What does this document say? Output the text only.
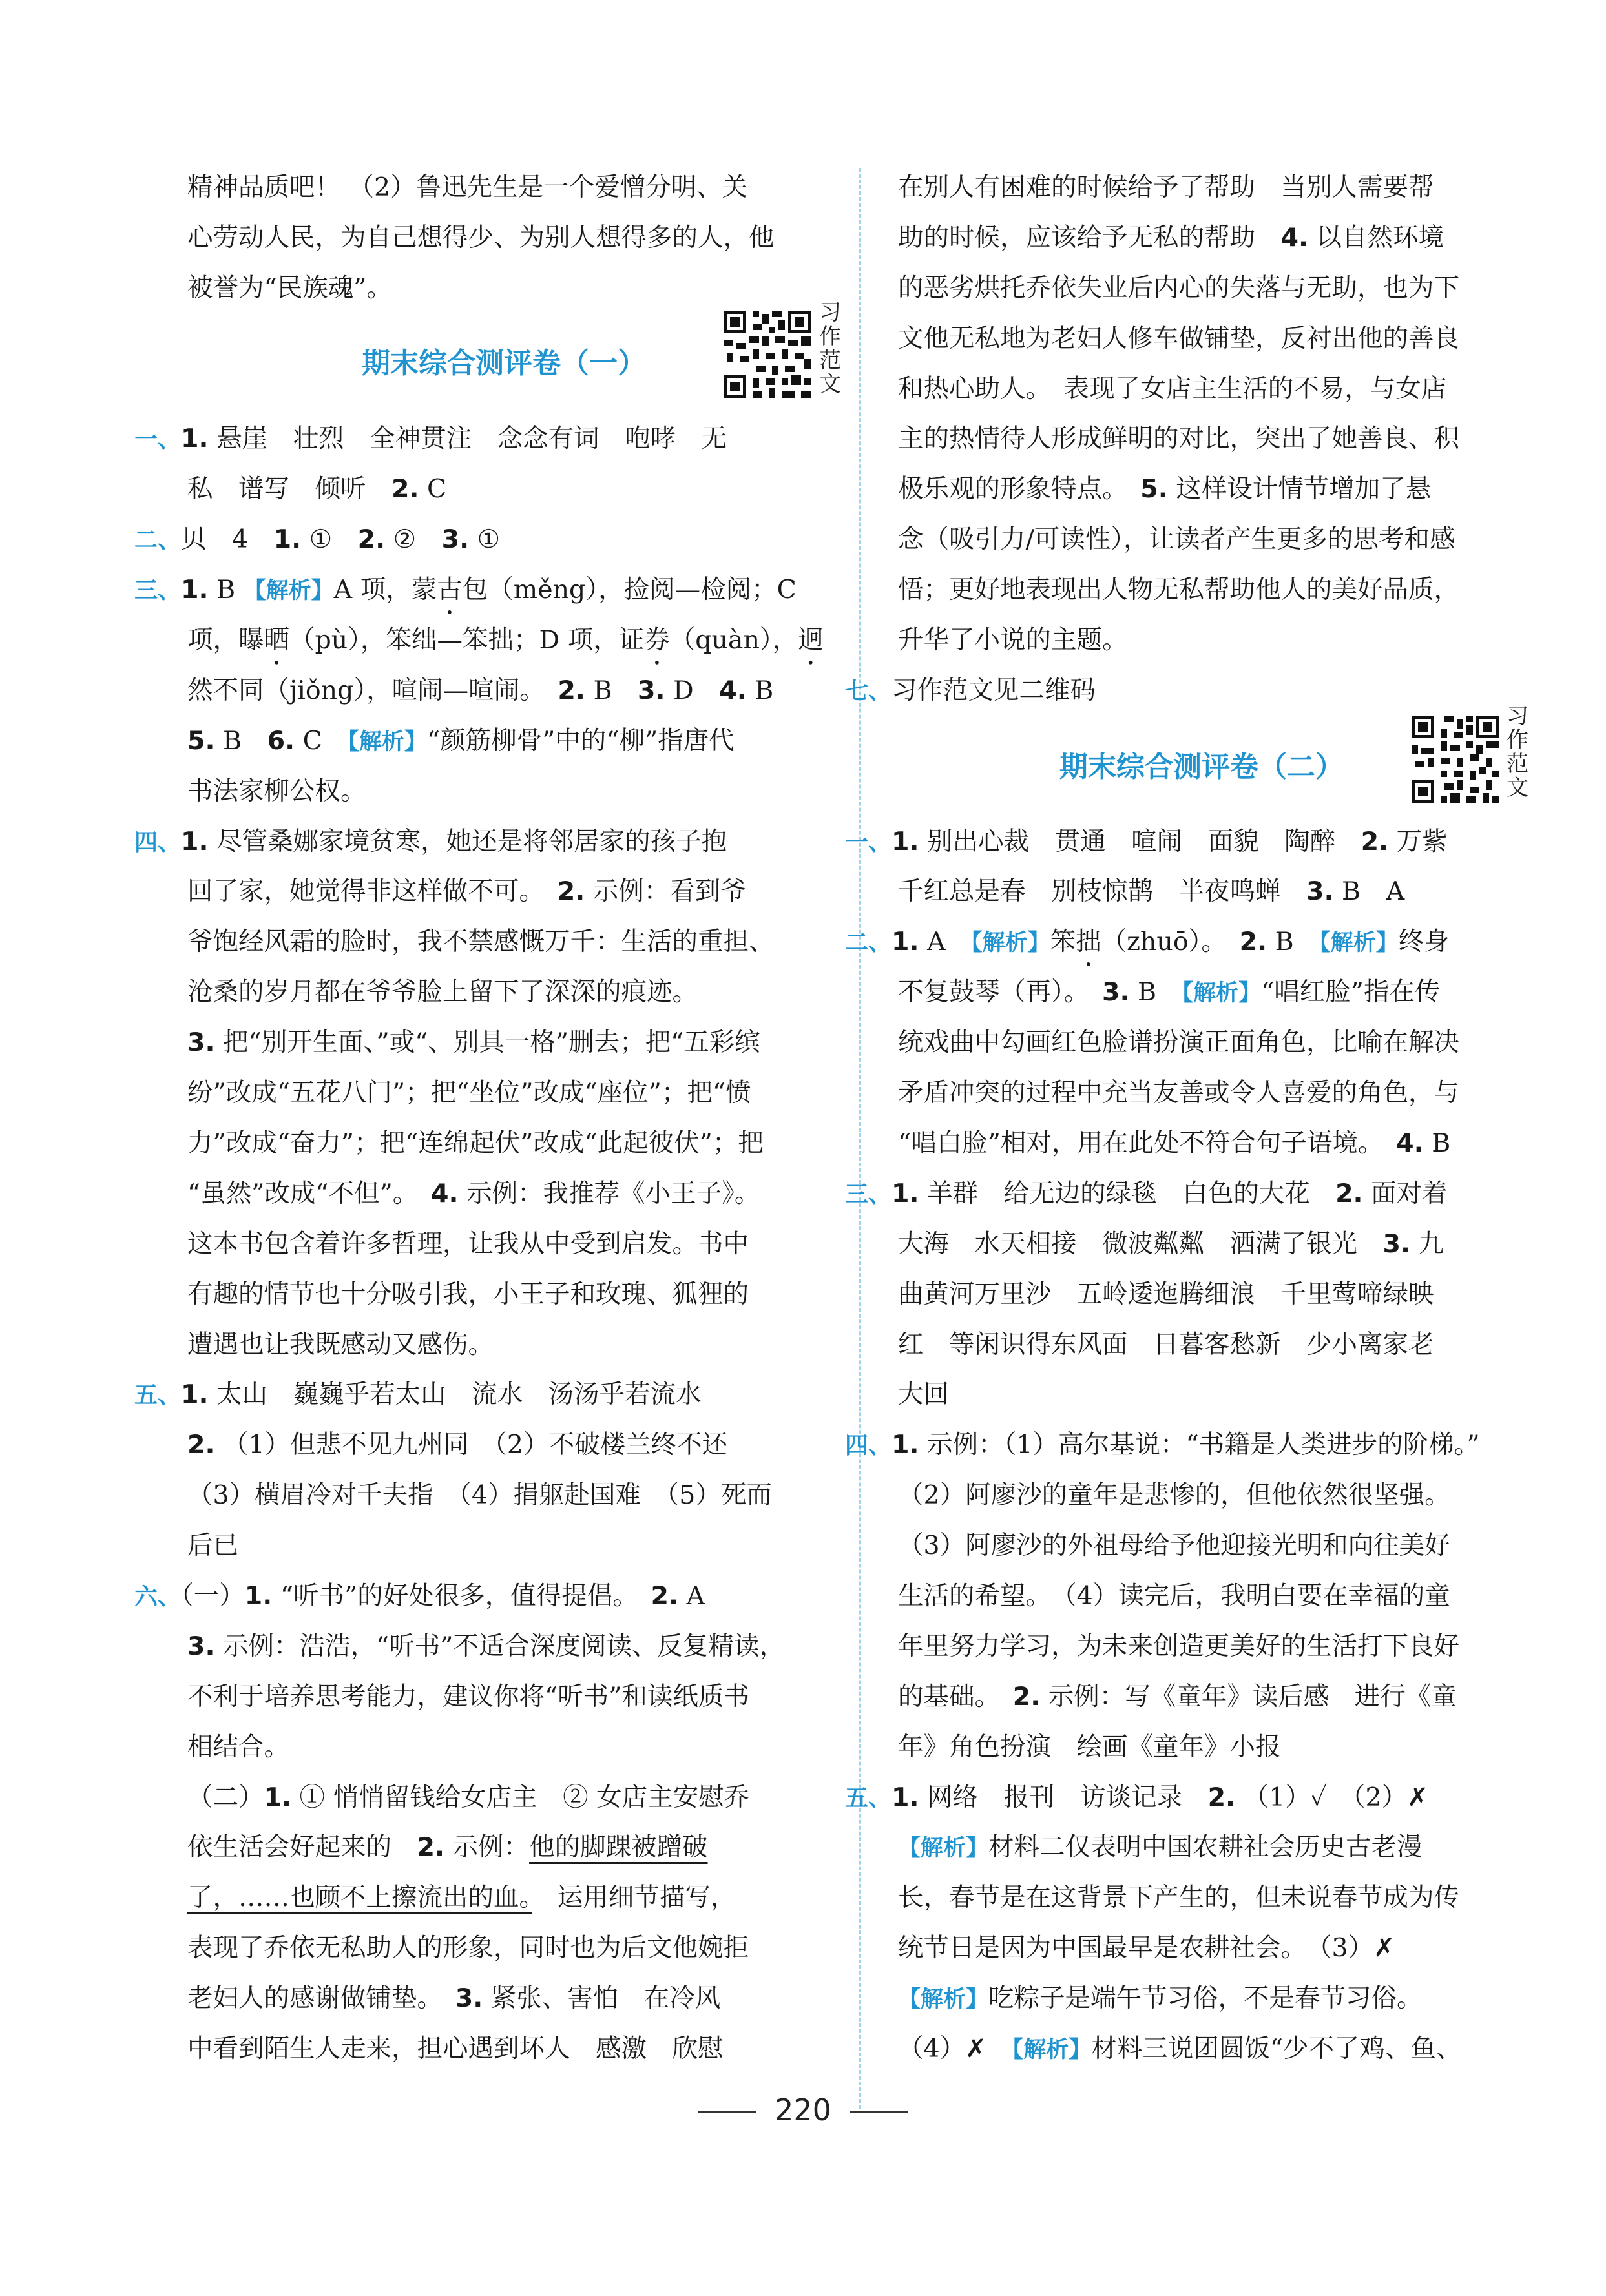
精神品质吧！ （2）鲁迅先生是一个爱憎分明、关
心劳动人民，为自己想得少、为别人想得多的人，他
被誉为“民族魂”。
期末综合测评卷（一）
习作范文
一、1. 悬崖　壮烈　全神贯注　念念有词　咆哮　无
私　谱写　倾听　2. C
二、贝　4　1. ①　2. ②　3. ①
三、1. B 【解析】A 项，蒙古包（měng），捡阅—检阅；C
项，曝晒（pù），笨绌—笨拙；D 项，证券（quàn），迥
然不同（jiǒng），喧闹—喧闹。　2. B　3. D　4. B
5. B　6. C　【解析】“颜筋柳骨”中的“柳”指唐代
书法家柳公权。
四、1. 尽管桑娜家境贫寒，她还是将邻居家的孩子抱
回了家，她觉得非这样做不可。　2. 示例：看到爷
爷饱经风霜的脸时，我不禁感慨万千：生活的重担、
沧桑的岁月都在爷爷脸上留下了深深的痕迹。
3. 把“别开生面、”或“、别具一格”删去；把“五彩缤
纷”改成“五花八门”；把“坐位”改成“座位”；把“愤
力”改成“奋力”；把“连绵起伏”改成“此起彼伏”；把
“虽然”改成“不但”。　4. 示例：我推荐《小王子》。
这本书包含着许多哲理，让我从中受到启发。书中
有趣的情节也十分吸引我，小王子和玫瑰、狐狸的
遭遇也让我既感动又感伤。
五、1. 太山　巍巍乎若太山　流水　汤汤乎若流水
2. （1）但悲不见九州同　（2）不破楼兰终不还
（3）横眉冷对千夫指　（4）捐躯赴国难　（5）死而
后已
六、（一）1. “听书”的好处很多，值得提倡。　2. A
3. 示例：浩浩，“听书”不适合深度阅读、反复精读，
不利于培养思考能力，建议你将“听书”和读纸质书
相结合。
（二）1. ① 悄悄留钱给女店主　② 女店主安慰乔
依生活会好起来的　2. 示例：他的脚踝被蹭破
了，……也顾不上擦流出的血。　运用细节描写，
表现了乔依无私助人的形象，同时也为后文他婉拒
老妇人的感谢做铺垫。　3. 紧张、害怕　在冷风
中看到陌生人走来，担心遇到坏人　感激　欣慰
在别人有困难的时候给予了帮助　当别人需要帮
助的时候，应该给予无私的帮助　4. 以自然环境
的恶劣烘托乔依失业后内心的失落与无助，也为下
文他无私地为老妇人修车做铺垫，反衬出他的善良
和热心助人。　表现了女店主生活的不易，与女店
主的热情待人形成鲜明的对比，突出了她善良、积
极乐观的形象特点。　5. 这样设计情节增加了悬
念（吸引力/可读性），让读者产生更多的思考和感
悟；更好地表现出人物无私帮助他人的美好品质，
升华了小说的主题。
七、习作范文见二维码
期末综合测评卷（二）
习作范文
一、1. 别出心裁　贯通　喧闹　面貌　陶醉　2. 万紫
千红总是春　别枝惊鹊　半夜鸣蝉　3. B　A
二、1. A　【解析】笨拙（zhuō）。　2. B　【解析】终身
不复鼓琴（再）。　3. B　【解析】“唱红脸”指在传
统戏曲中勾画红色脸谱扮演正面角色，比喻在解决
矛盾冲突的过程中充当友善或令人喜爱的角色，与
“唱白脸”相对，用在此处不符合句子语境。　4. B
三、1. 羊群　给无边的绿毯　白色的大花　2. 面对着
大海　水天相接　微波粼粼　洒满了银光　3. 九
曲黄河万里沙　五岭逶迤腾细浪　千里莺啼绿映
红　等闲识得东风面　日暮客愁新　少小离家老
大回
四、1. 示例：（1）高尔基说：“书籍是人类进步的阶梯。”
（2）阿廖沙的童年是悲惨的，但他依然很坚强。
（3）阿廖沙的外祖母给予他迎接光明和向往美好
生活的希望。　（4）读完后，我明白要在幸福的童
年里努力学习，为未来创造更美好的生活打下良好
的基础。　2. 示例：写《童年》读后感　进行《童
年》角色扮演　绘画《童年》小报
五、1. 网络　报刊　访谈记录　2. （1）✓　（2）✗
【解析】材料二仅表明中国农耕社会历史古老漫
长，春节是在这背景下产生的，但未说春节成为传
统节日是因为中国最早是农耕社会。　（3）✗
【解析】吃粽子是端午节习俗，不是春节习俗。
（4）✗　【解析】材料三说团圆饭“少不了鸡、鱼、
220
